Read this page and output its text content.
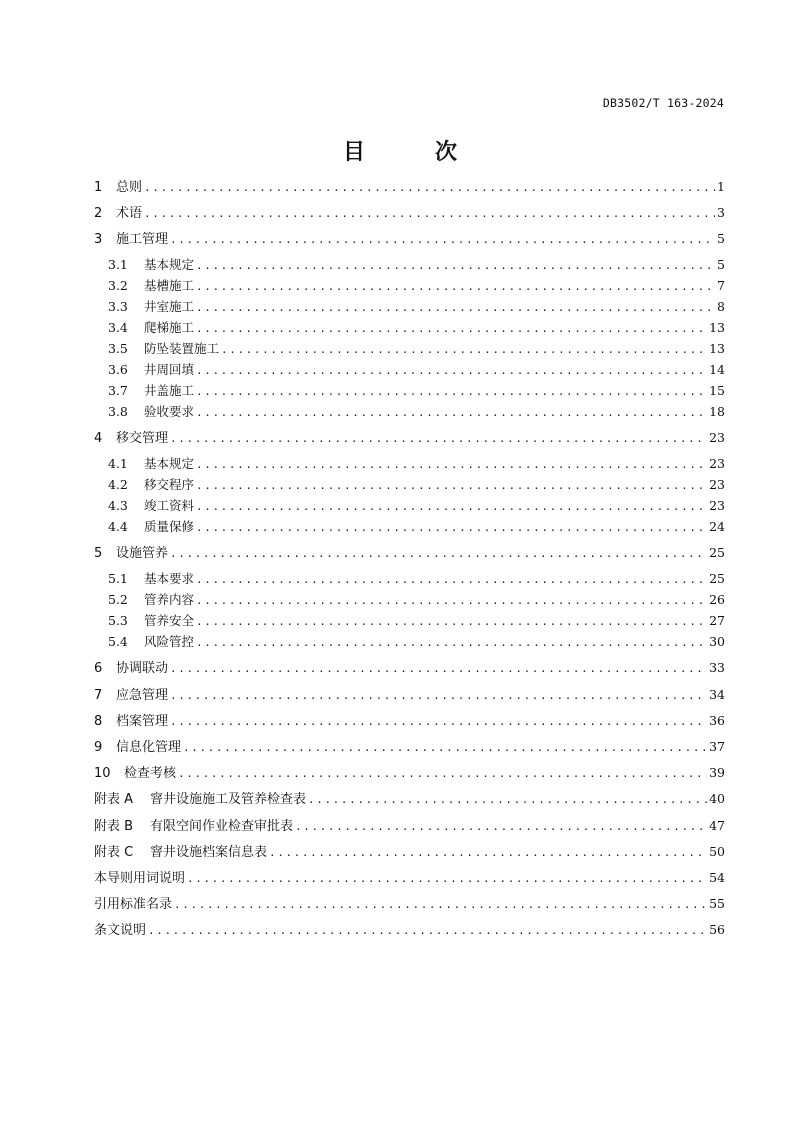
DB3502/T 163-2024
目　次
1	总则 .....	1
2	术语 .....	3
3	施工管理 .....	5
3.1	基本规定 .....	5
3.2	基槽施工 .....	7
3.3	井室施工 .....	8
3.4	爬梯施工 .....	13
3.5	防坠装置施工 .....	13
3.6	井周回填 .....	14
3.7	井盖施工 .....	15
3.8	验收要求 .....	18
4	移交管理 .....	23
4.1	基本规定 .....	23
4.2	移交程序 .....	23
4.3	竣工资料 .....	23
4.4	质量保修 .....	24
5	设施管养 .....	25
5.1	基本要求 .....	25
5.2	管养内容 .....	26
5.3	管养安全 .....	27
5.4	风险管控 .....	30
6	协调联动 .....	33
7	应急管理 .....	34
8	档案管理 .....	36
9	信息化管理 .....	37
10	检查考核 .....	39
附表 A	窨井设施施工及管养检查表 .....	40
附表 B	有限空间作业检查审批表 .....	47
附表 C	窨井设施档案信息表 .....	50
本导则用词说明 .....	54
引用标准名录 .....	55
条文说明 .....	56
